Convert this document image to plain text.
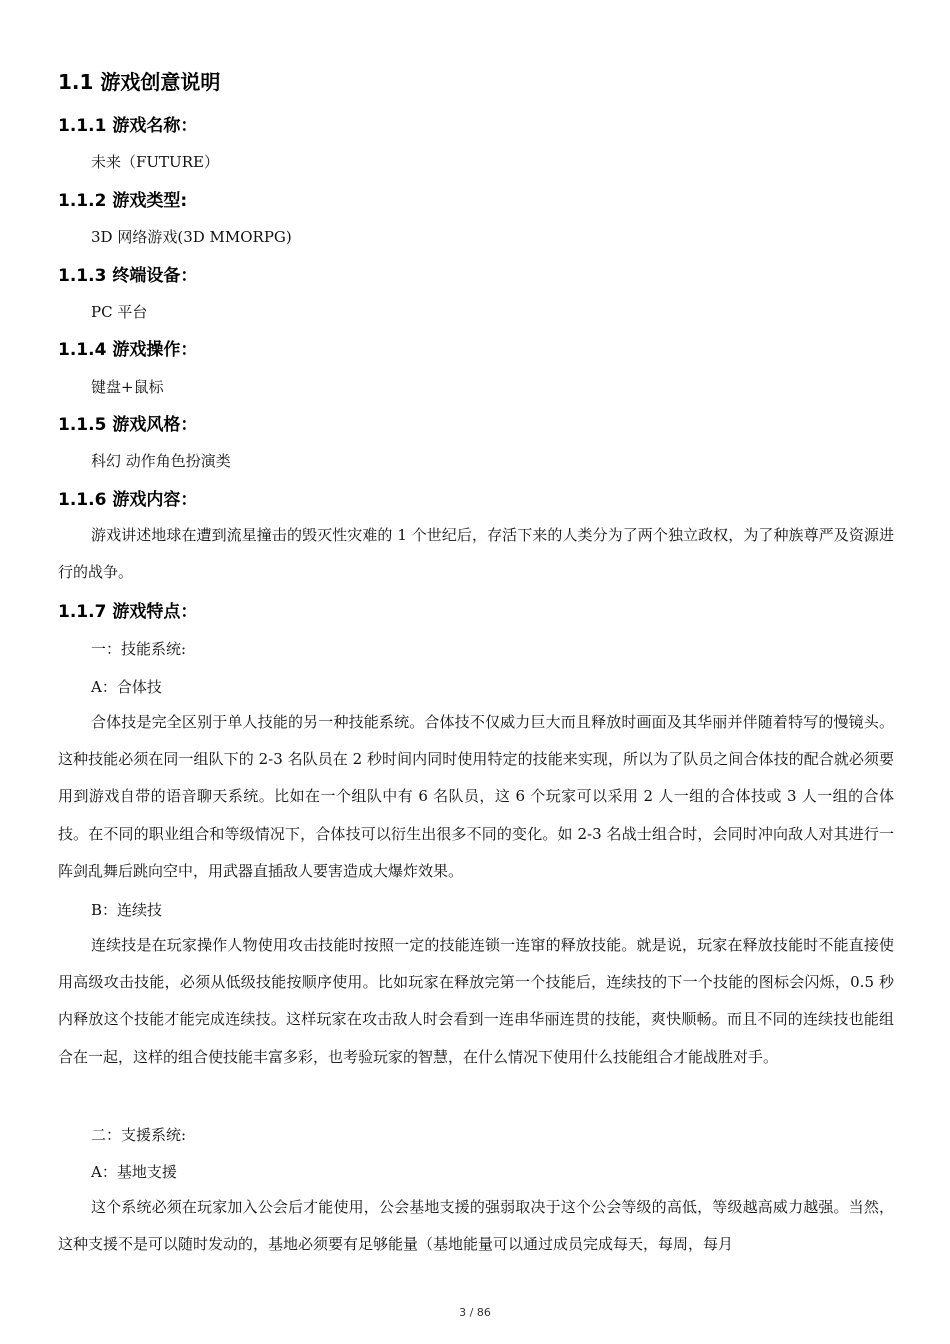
1.1 游戏创意说明
1.1.1 游戏名称：
未来（FUTURE）
1.1.2 游戏类型:
3D 网络游戏(3D MMORPG)
1.1.3 终端设备：
PC 平台
1.1.4 游戏操作：
键盘+鼠标
1.1.5 游戏风格：
科幻 动作角色扮演类
1.1.6 游戏内容：

游戏讲述地球在遭到流星撞击的毁灭性灾难的 1 个世纪后，存活下来的人类分为了两个独立政权，为了种族尊严及资源进行的战争。

1.1.7 游戏特点：
一：技能系统:
A：合体技

合体技是完全区别于单人技能的另一种技能系统。合体技不仅威力巨大而且释放时画面及其华丽并伴随着特写的慢镜头。这种技能必须在同一组队下的 2-3 名队员在 2 秒时间内同时使用特定的技能来实现，所以为了队员之间合体技的配合就必须要用到游戏自带的语音聊天系统。比如在一个组队中有 6 名队员，这 6 个玩家可以采用 2 人一组的合体技或 3 人一组的合体技。在不同的职业组合和等级情况下，合体技可以衍生出很多不同的变化。如 2-3 名战士组合时，会同时冲向敌人对其进行一阵剑乱舞后跳向空中，用武器直插敌人要害造成大爆炸效果。

B：连续技

连续技是在玩家操作人物使用攻击技能时按照一定的技能连锁一连窜的释放技能。就是说，玩家在释放技能时不能直接使用高级攻击技能，必须从低级技能按顺序使用。比如玩家在释放完第一个技能后，连续技的下一个技能的图标会闪烁，0.5 秒内释放这个技能才能完成连续技。这样玩家在攻击敌人时会看到一连串华丽连贯的技能，爽快顺畅。而且不同的连续技也能组合在一起，这样的组合使技能丰富多彩，也考验玩家的智慧，在什么情况下使用什么技能组合才能战胜对手。

二：支援系统:
A：基地支援

这个系统必须在玩家加入公会后才能使用，公会基地支援的强弱取决于这个公会等级的高低，等级越高威力越强。当然，这种支援不是可以随时发动的，基地必须要有足够能量（基地能量可以通过成员完成每天，每周，每月

3 / 86
